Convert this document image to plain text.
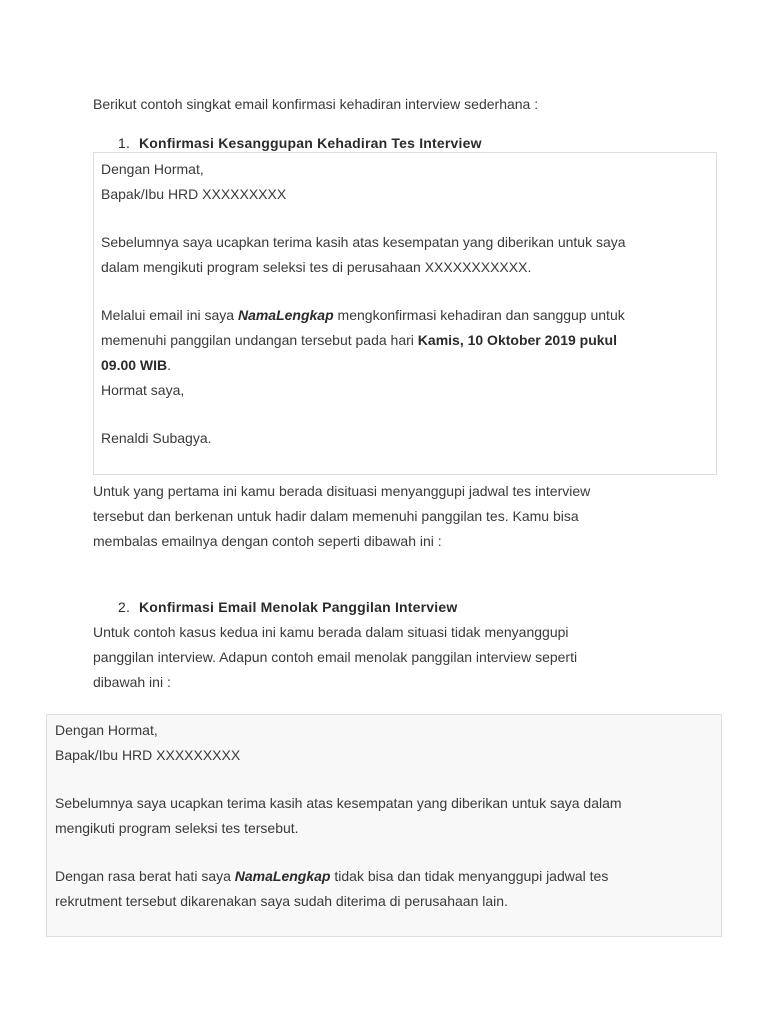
Berikut contoh singkat email konfirmasi kehadiran interview sederhana :

1. Konfirmasi Kesanggupan Kehadiran Tes Interview

Dengan Hormat,

Bapak/Ibu HRD XXXXXXXXX

Sebelumnya saya ucapkan terima kasih atas kesempatan yang diberikan untuk saya

dalam mengikuti program seleksi tes di perusahaan XXXXXXXXXXX.

Melalui email ini saya NamaLengkap mengkonfirmasi kehadiran dan sanggup untuk

memenuhi panggilan undangan tersebut pada hari Kamis, 10 Oktober 2019 pukul

09.00 WIB.

Hormat saya,

Renaldi Subagya.

Untuk yang pertama ini kamu berada disituasi menyanggupi jadwal tes interview

tersebut dan berkenan untuk hadir dalam memenuhi panggilan tes. Kamu bisa

membalas emailnya dengan contoh seperti dibawah ini :

2. Konfirmasi Email Menolak Panggilan Interview

Untuk contoh kasus kedua ini kamu berada dalam situasi tidak menyanggupi

panggilan interview. Adapun contoh email menolak panggilan interview seperti

dibawah ini :

Dengan Hormat,

Bapak/Ibu HRD XXXXXXXXX

Sebelumnya saya ucapkan terima kasih atas kesempatan yang diberikan untuk saya dalam

mengikuti program seleksi tes tersebut.

Dengan rasa berat hati saya NamaLengkap tidak bisa dan tidak menyanggupi jadwal tes

rekrutment tersebut dikarenakan saya sudah diterima di perusahaan lain.
